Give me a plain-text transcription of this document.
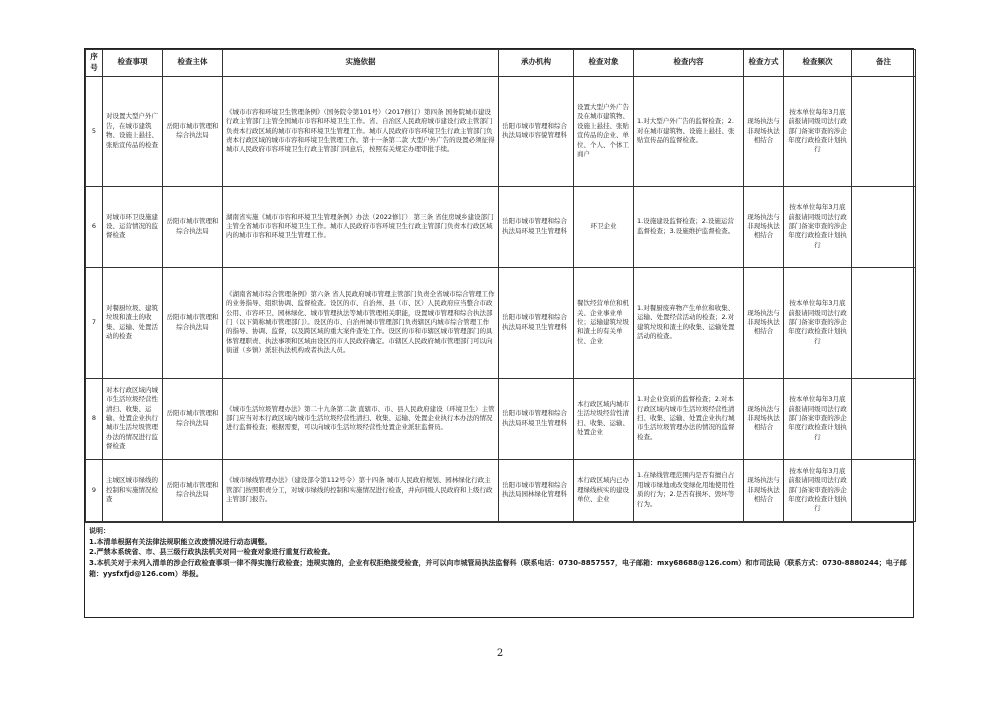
序号	检查事项	检查主体	实施依据	承办机构	检查对象	检查内容	检查方式	检查频次	备注
5	对设置大型户外广告，在城市建筑物、设施上悬挂、张贴宣传品的检查	岳阳市城市管理和综合执法局	《城市市容和环境卫生管理条例》（国务院令第101号）（2017修订）第四条 国务院城市建设行政主管部门主管全国城市市容和环境卫生工作。省、自治区人民政府城市建设行政主管部门负责本行政区域的城市市容和环境卫生管理工作。城市人民政府市容环境卫生行政主管部门负责本行政区域的城市市容和环境卫生管理工作。第十一条第二款 大型户外广告的设置必须征得城市人民政府市容环境卫生行政主管部门同意后，按照有关规定办理审批手续。	岳阳市城市管理和综合执法局城市容貌管理科	设置大型户外广告及在城市建筑物、设施上悬挂、张贴宣传品的企业、单位、个人、个体工商户	1.对大型户外广告的监督检查；2.对在城市建筑物、设施上悬挂、张贴宣传品的监督检查。	现场执法与非现场执法相结合	按本单位每年3月底前报请同级司法行政部门备案审查的涉企年度行政检查计划执行	
6	对城市环卫设施建设、运营情况的监督检查	岳阳市城市管理和综合执法局	湖南省实施《城市市容和环境卫生管理条例》办法（2022修订） 第三条 省住房城乡建设部门主管全省城市市容和环境卫生工作。城市人民政府市容环境卫生行政主管部门负责本行政区域内的城市市容和环境卫生管理工作。	岳阳市城市管理和综合执法局环境卫生管理科	环卫企业	1.设施建设监督检查；2.设施运营监督检查；3.设施维护监督检查。	现场执法与非现场执法相结合	按本单位每年3月底前报请同级司法行政部门备案审查的涉企年度行政检查计划执行	
7	对餐厨垃圾、建筑垃圾和渣土的收集、运输、处置活动的检查	岳阳市城市管理和综合执法局	《湖南省城市综合管理条例》第六条 省人民政府城市管理主管部门负责全省城市综合管理工作的业务指导、组织协调、监督检查。设区的市、自治州、县（市、区）人民政府应当整合市政公用、市容环卫、园林绿化、城市管理执法等城市管理相关职能，设置城市管理和综合执法部门（以下简称城市管理部门）。设区的市、自治州城市管理部门负责辖区内城市综合管理工作的指导、协调、监督，以及跨区域的重大案件查处工作。设区的市和市辖区城市管理部门的具体管理职责、执法事项和区域由设区的市人民政府确定。市辖区人民政府城市管理部门可以向街道（乡镇）派驻执法机构或者执法人员。	岳阳市城市管理和综合执法局环境卫生管理科	餐饮经营单位和机关、企业事业单位；运输建筑垃圾和渣土的有关单位、企业	1.对餐厨废弃物产生单位和收集、运输、处置经营活动的检查；2.对建筑垃圾和渣土的收集、运输处置活动的检查。	现场执法与非现场执法相结合	按本单位每年3月底前报请同级司法行政部门备案审查的涉企年度行政检查计划执行	
8	对本行政区域内城市生活垃圾经营性清扫、收集、运输、处置企业执行城市生活垃圾管理办法的情况进行监督检查	岳阳市城市管理和综合执法局	《城市生活垃圾管理办法》第二十九条第二款 直辖市、市、县人民政府建设（环境卫生）主管部门应当对本行政区域内城市生活垃圾经营性清扫、收集、运输、处置企业执行本办法的情况进行监督检查；根据需要，可以向城市生活垃圾经营性处置企业派驻监督员。	岳阳市城市管理和综合执法局环境卫生管理科	本行政区域内城市生活垃圾经营性清扫、收集、运输、处置企业	1.对企业资质的监督检查；2.对本行政区域内城市生活垃圾经营性清扫、收集、运输、处置企业执行城市生活垃圾管理办法的情况的监督检查。	现场执法与非现场执法相结合	按本单位每年3月底前报请同级司法行政部门备案审查的涉企年度行政检查计划执行	
9	主城区城市绿线的控制和实施情况检查	岳阳市城市管理和综合执法局	《城市绿线管理办法》（建设部令第112号令）第十四条 城市人民政府规划、园林绿化行政主管部门按照职责分工，对城市绿线的控制和实施情况进行检查，并向同级人民政府和上级行政主管部门报告。	岳阳市城市管理和综合执法局园林绿化管理科	本行政区域内已办理绿线核实的建设单位、企业	1.在绿线管理范围内是否有擅自占用城市绿地或改变绿化用地使用性质的行为；2.是否有损坏、毁坏等行为。	现场执法与非现场执法相结合	按本单位每年3月底前报请同级司法行政部门备案审查的涉企年度行政检查计划执行	
说明：
1.本清单根据有关法律法规职能立改废情况进行动态调整。
2.严禁本系统省、市、县三级行政执法机关对同一检查对象进行重复行政检查。
3.本机关对于未列入清单的涉企行政检查事项一律不得实施行政检查；违规实施的，企业有权拒绝接受检查，并可以向市城管局执法监督科（联系电话：0730-8857557，电子邮箱：mxy68688@126.com）和市司法局（联系方式：0730-8880244；电子邮箱：yysfxfjd@126.com）举报。
2
